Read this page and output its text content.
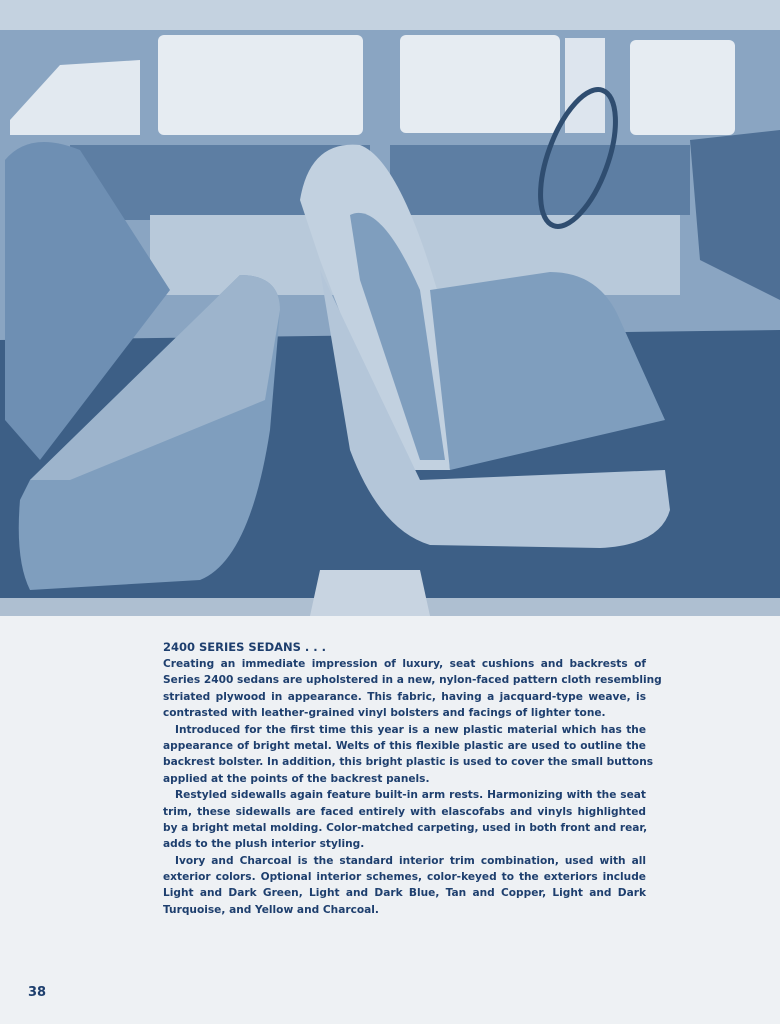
2400 SERIES SEDANS . . .
Creating an immediate impression of luxury, seat cushions and backrests of
Series 2400 sedans are upholstered in a new, nylon-faced pattern cloth resembling
striated plywood in appearance. This fabric, having a jacquard-type weave, is
contrasted with leather-grained vinyl bolsters and facings of lighter tone.
Introduced for the first time this year is a new plastic material which has the
appearance of bright metal. Welts of this flexible plastic are used to outline the
backrest bolster. In addition, this bright plastic is used to cover the small buttons
applied at the points of the backrest panels.
Restyled sidewalls again feature built-in arm rests. Harmonizing with the seat
trim, these sidewalls are faced entirely with elascofabs and vinyls highlighted
by a bright metal molding. Color-matched carpeting, used in both front and rear,
adds to the plush interior styling.
Ivory and Charcoal is the standard interior trim combination, used with all
exterior colors. Optional interior schemes, color-keyed to the exteriors include
Light and Dark Green, Light and Dark Blue, Tan and Copper, Light and Dark
Turquoise, and Yellow and Charcoal.
38
